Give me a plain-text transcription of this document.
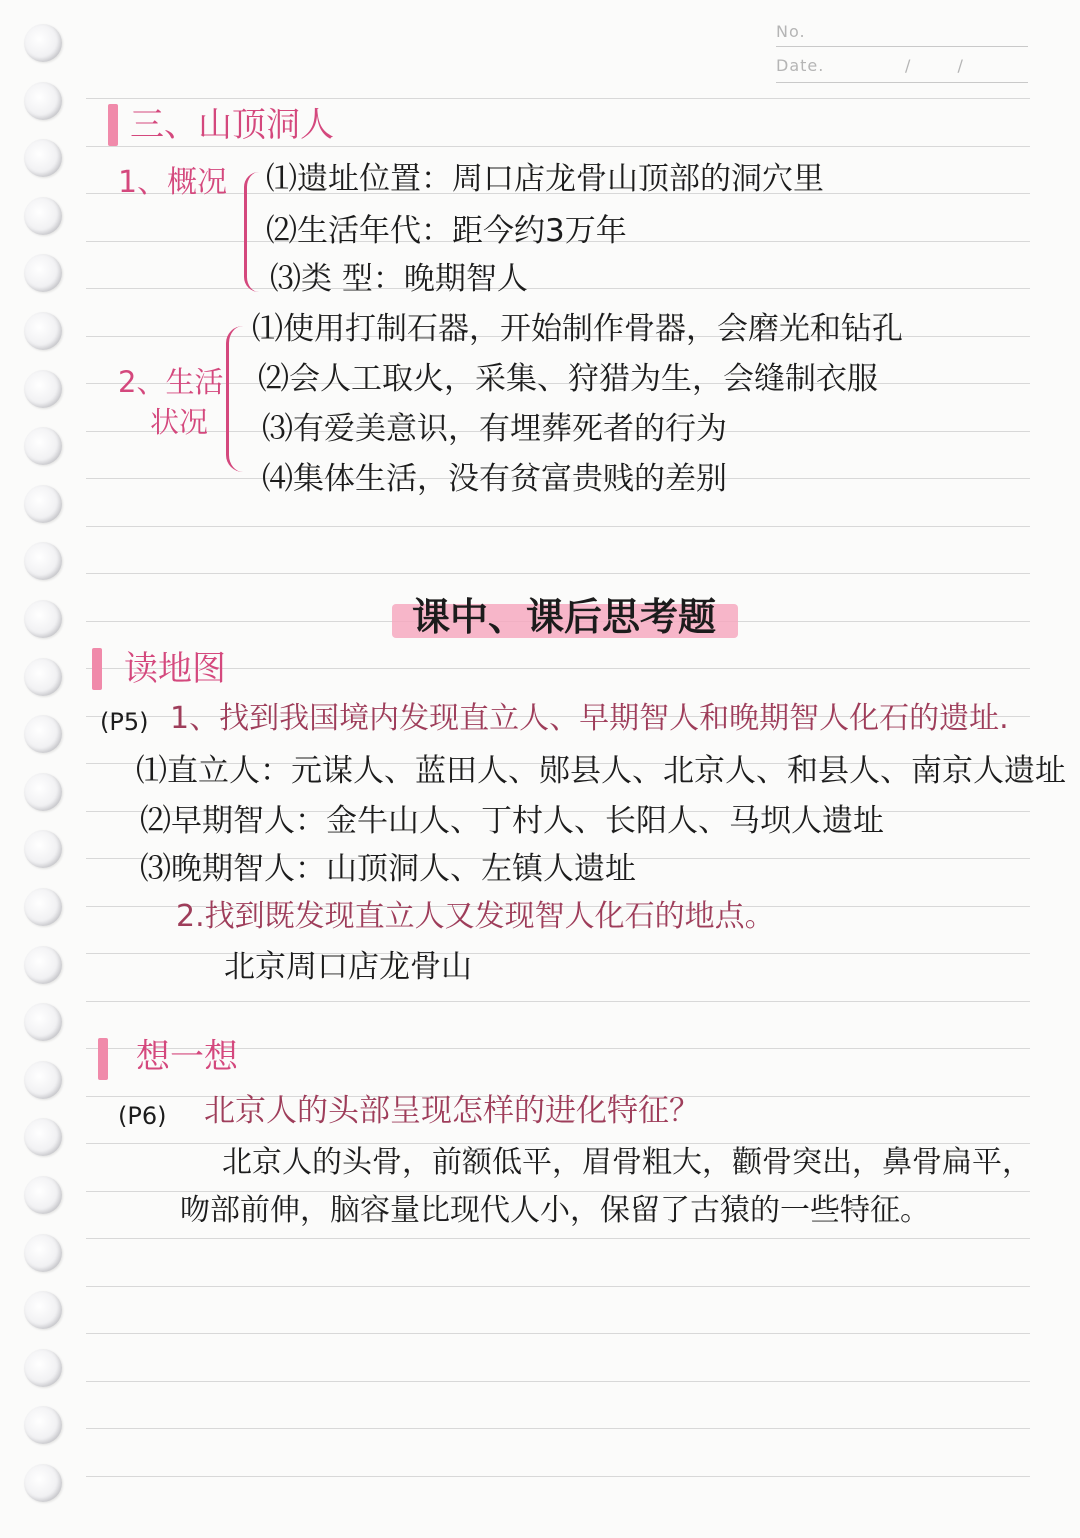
No.
Date.	/ /
三、山顶洞人
1、概况 ⑴遗址位置：周口店龙骨山顶部的洞穴里
⑵生活年代：距今约3万年
⑶类 型：晚期智人
2、生活
状况
⑴使用打制石器，开始制作骨器，会磨光和钻孔
⑵会人工取火，采集、狩猎为生，会缝制衣服
⑶有爱美意识，有埋葬死者的行为
⑷集体生活，没有贫富贵贱的差别
课中、课后思考题
读地图
(P5) 1、找到我国境内发现直立人、早期智人和晚期智人化石的遗址.
⑴直立人：元谋人、蓝田人、郧县人、北京人、和县人、南京人遗址
⑵早期智人：金牛山人、丁村人、长阳人、马坝人遗址
⑶晚期智人：山顶洞人、左镇人遗址
2.找到既发现直立人又发现智人化石的地点。
北京周口店龙骨山
想一想
(P6) 北京人的头部呈现怎样的进化特征？
北京人的头骨，前额低平，眉骨粗大，颧骨突出，鼻骨扁平，
吻部前伸，脑容量比现代人小，保留了古猿的一些特征。
